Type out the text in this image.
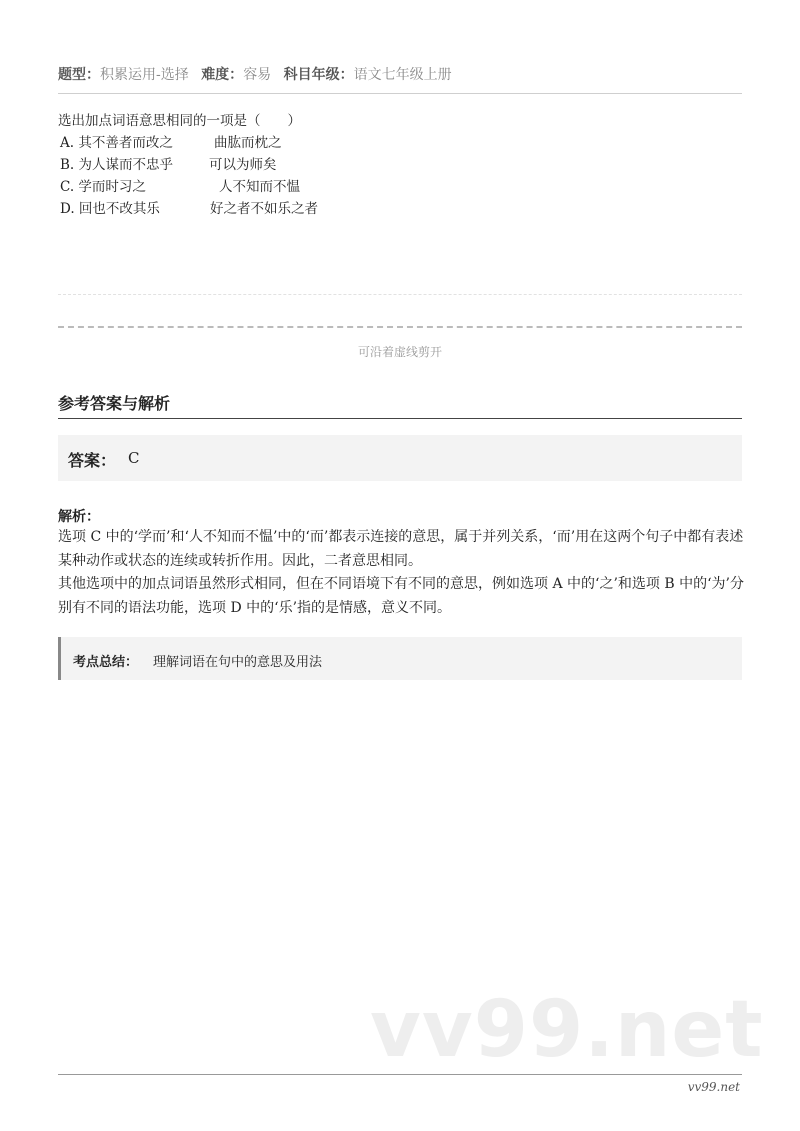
题型：积累运用-选择 难度：容易 科目年级：语文七年级上册
选出加点词语意思相同的一项是（　　）
A. 其不善者而改之	曲肱而枕之
B. 为人谋而不忠乎	可以为师矣
C. 学而时习之	人不知而不愠
D. 回也不改其乐	好之者不如乐之者
可沿着虚线剪开
参考答案与解析
答案： C
解析：

选项 C 中的‘学而’和‘人不知而不愠’中的‘而’都表示连接的意思，属于并列关系，‘而’用在这两个句子中都有表述某种动作或状态的连续或转折作用。因此，二者意思相同。

其他选项中的加点词语虽然形式相同，但在不同语境下有不同的意思，例如选项 A 中的‘之’和选项 B 中的‘为’分别有不同的语法功能，选项 D 中的‘乐’指的是情感，意义不同。

考点总结： 理解词语在句中的意思及用法
vv99.net
vv99.net
